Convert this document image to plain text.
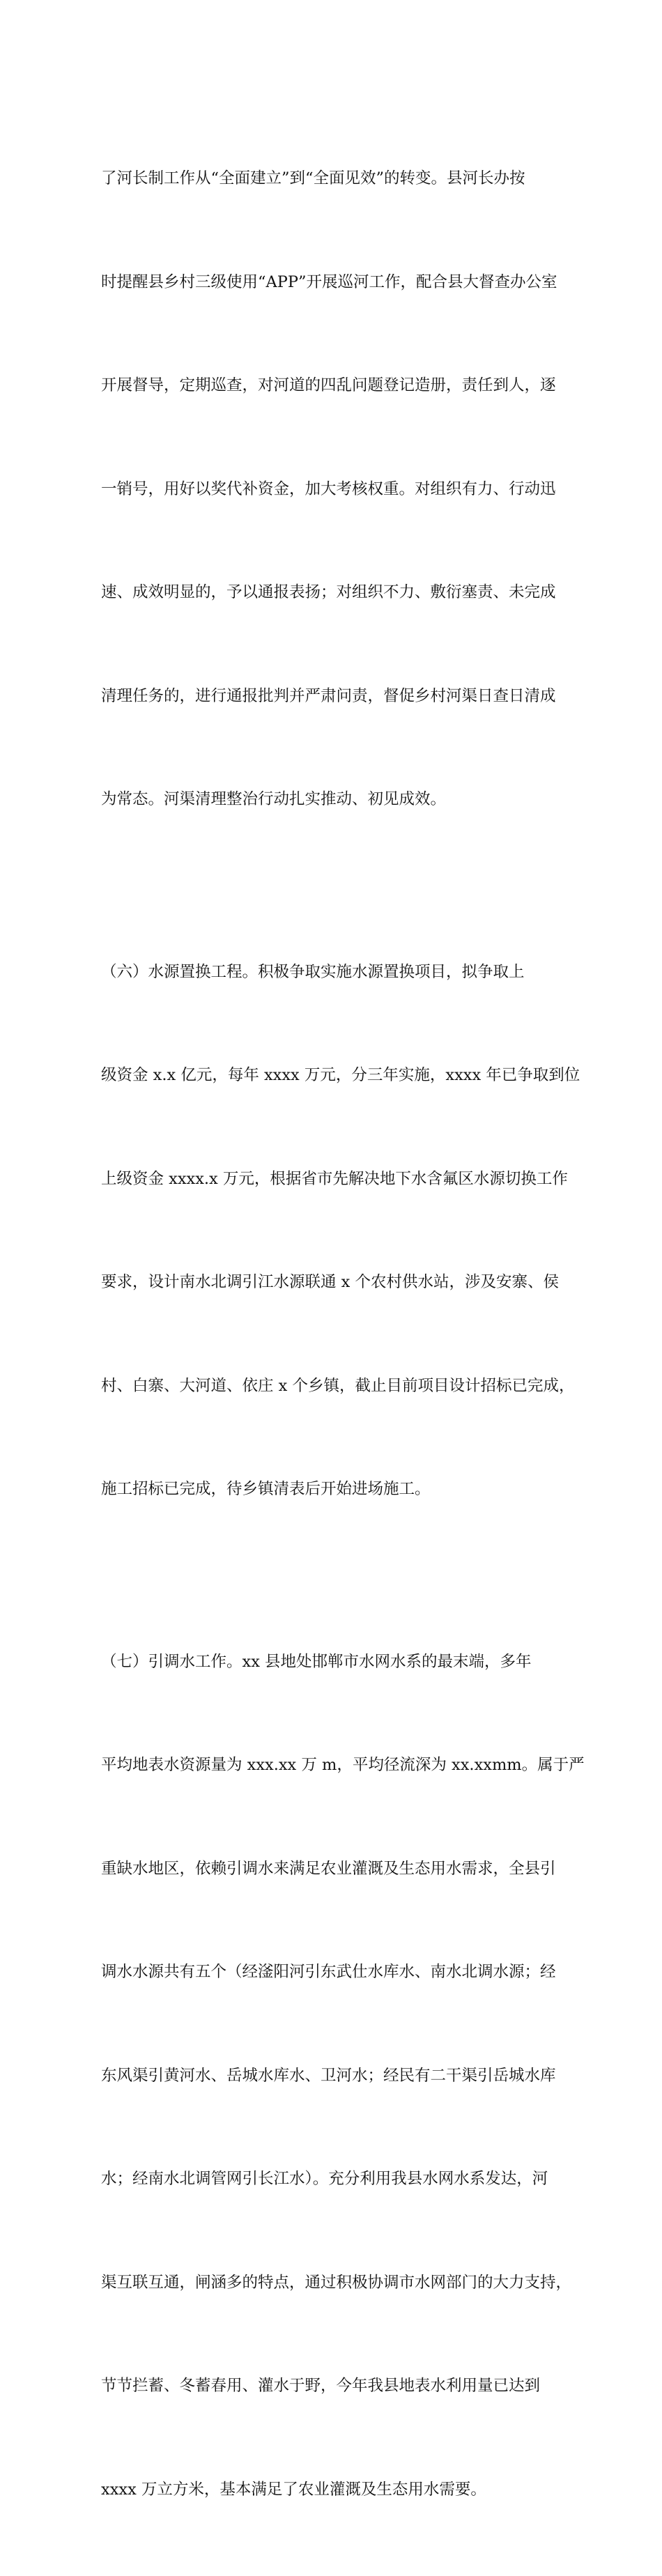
了河长制工作从“全面建立”到“全面见效”的转变。县河长办按

时提醒县乡村三级使用“APP”开展巡河工作，配合县大督查办公室

开展督导，定期巡查，对河道的四乱问题登记造册，责任到人，逐

一销号，用好以奖代补资金，加大考核权重。对组织有力、行动迅

速、成效明显的，予以通报表扬；对组织不力、敷衍塞责、未完成

清理任务的，进行通报批判并严肃问责，督促乡村河渠日查日清成

为常态。河渠清理整治行动扎实推动、初见成效。

（六）水源置换工程。积极争取实施水源置换项目，拟争取上

级资金 x.x 亿元，每年 xxxx 万元，分三年实施，xxxx 年已争取到位

上级资金 xxxx.x 万元，根据省市先解决地下水含氟区水源切换工作

要求，设计南水北调引江水源联通 x 个农村供水站，涉及安寨、侯

村、白寨、大河道、依庄 x 个乡镇，截止目前项目设计招标已完成，

施工招标已完成，待乡镇清表后开始进场施工。

（七）引调水工作。xx 县地处邯郸市水网水系的最末端，多年

平均地表水资源量为 xxx.xx 万 m，平均径流深为 xx.xxmm。属于严

重缺水地区，依赖引调水来满足农业灌溉及生态用水需求，全县引

调水水源共有五个（经滏阳河引东武仕水库水、南水北调水源；经

东风渠引黄河水、岳城水库水、卫河水；经民有二干渠引岳城水库

水；经南水北调管网引长江水）。充分利用我县水网水系发达，河

渠互联互通，闸涵多的特点，通过积极协调市水网部门的大力支持，

节节拦蓄、冬蓄春用、灌水于野，今年我县地表水利用量已达到

xxxx 万立方米，基本满足了农业灌溉及生态用水需要。
